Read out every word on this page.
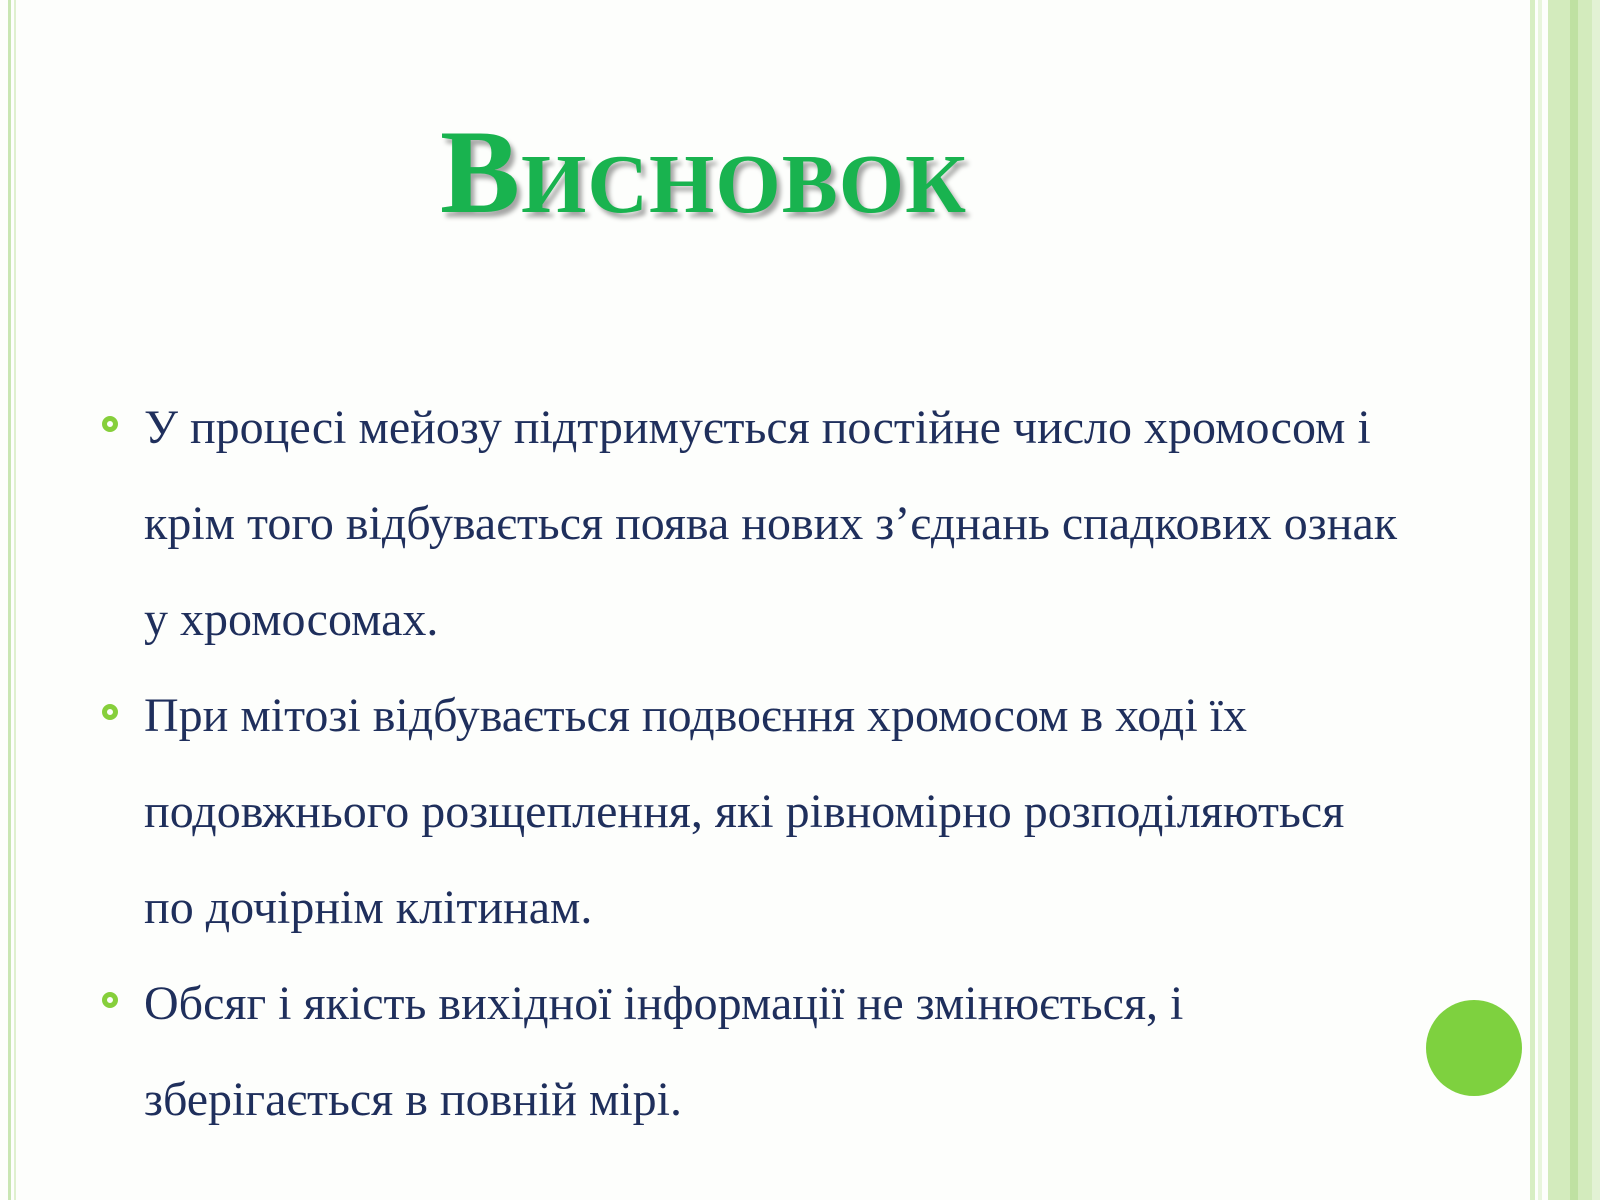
Висновок
У процесі мейозу підтримується постійне число хромосом і крім того відбувається поява нових з’єднань спадкових ознак у хромосомах.
При мітозі відбувається подвоєння хромосом в ході їх подовжнього розщеплення, які рівномірно розподіляються по дочірнім клітинам.
Обсяг і якість вихідної інформації не змінюється, і зберігається в повній мірі.
